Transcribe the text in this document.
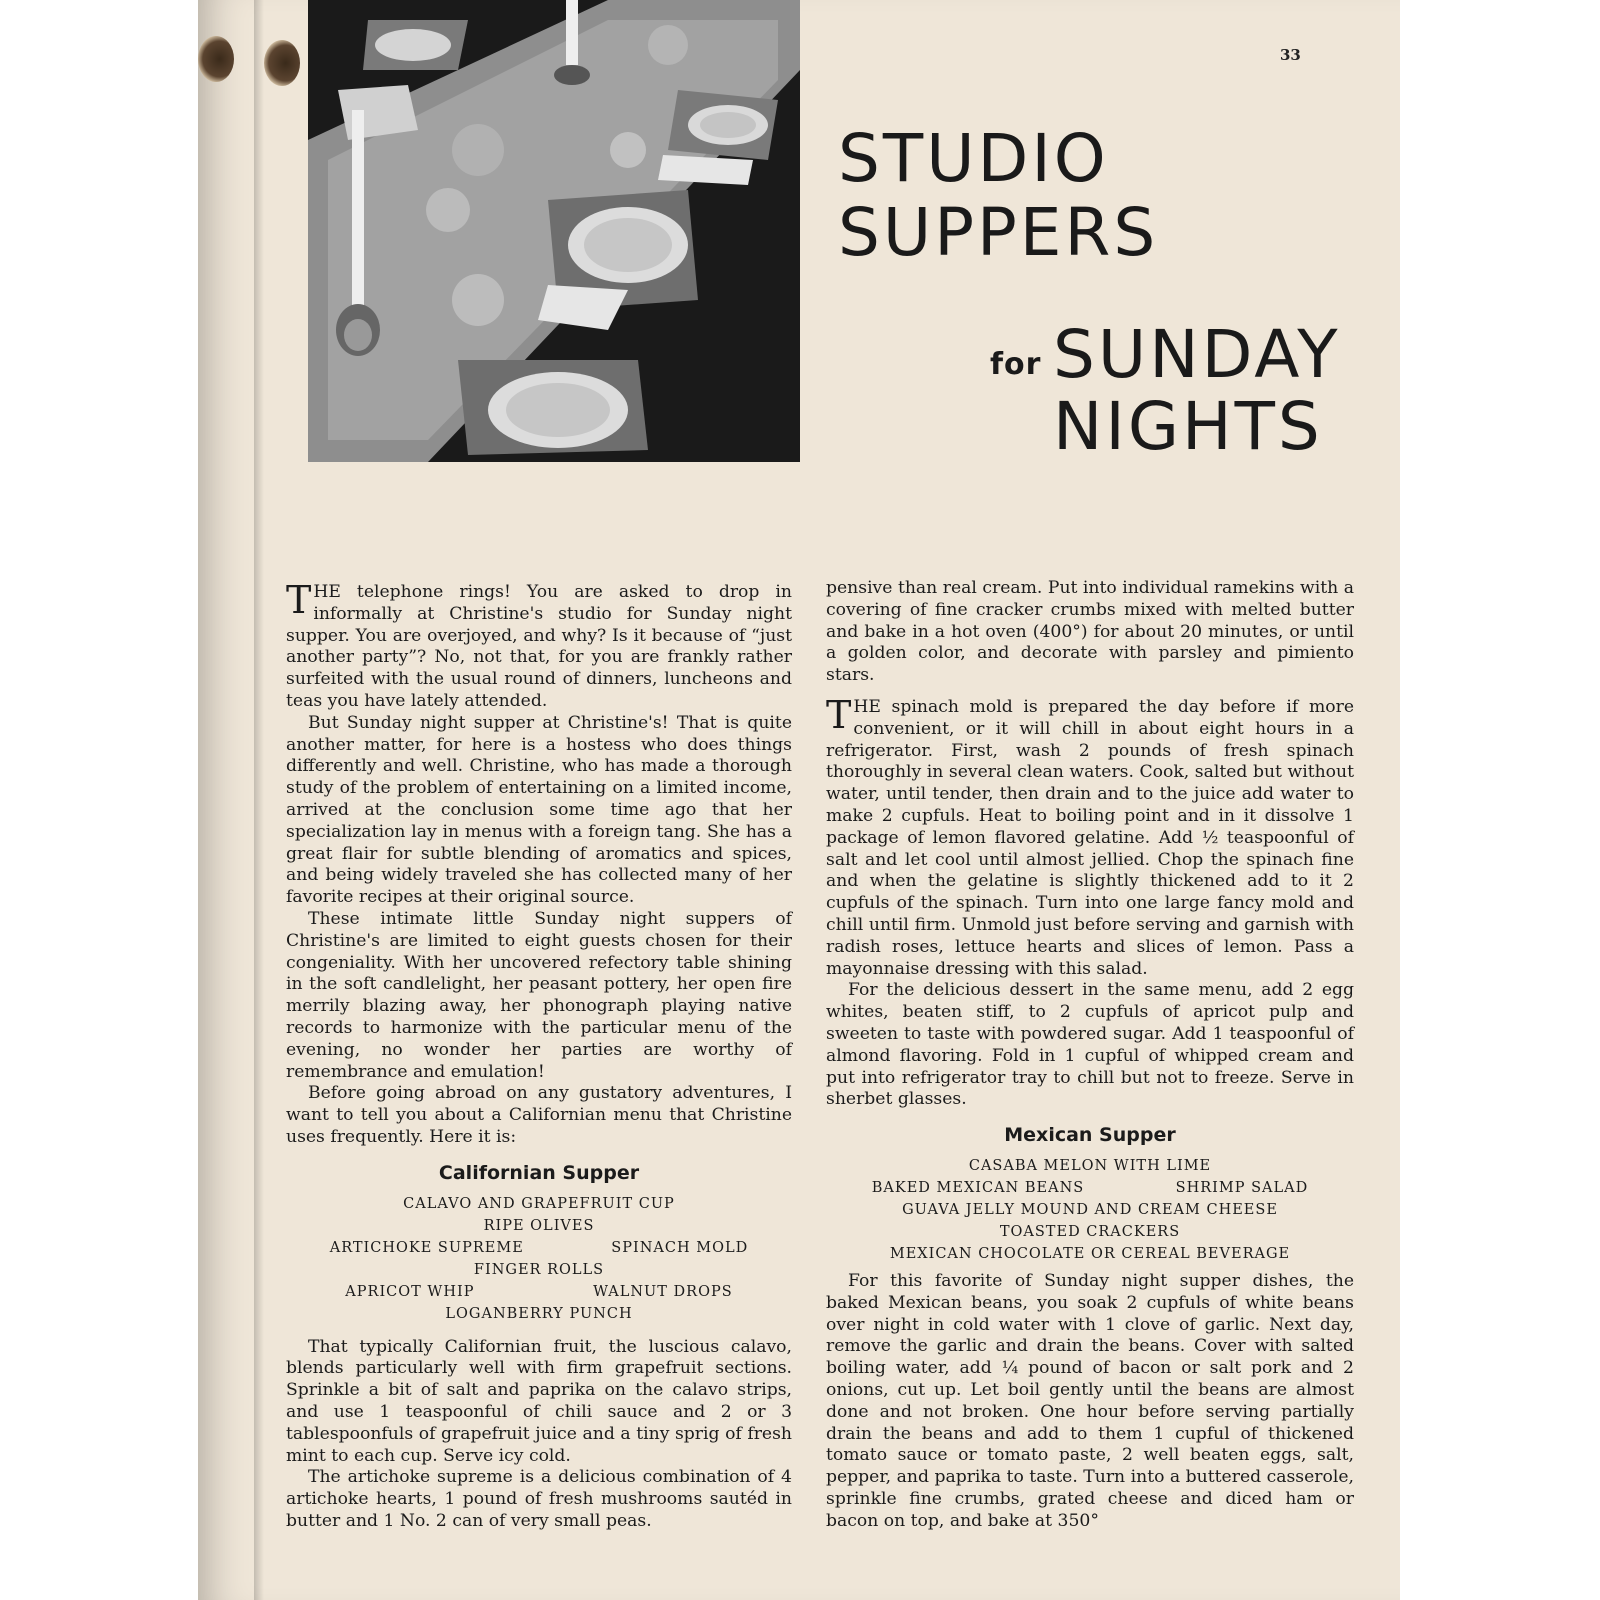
33
STUDIO
SUPPERS
for SUNDAY
NIGHTS

THE telephone rings! You are asked to drop in informally at Christine's studio for Sunday night supper. You are overjoyed, and why? Is it because of “just another party”? No, not that, for you are frankly rather surfeited with the usual round of dinners, luncheons and teas you have lately attended.

But Sunday night supper at Christine's! That is quite another matter, for here is a hostess who does things differently and well. Christine, who has made a thorough study of the problem of entertaining on a limited income, arrived at the conclusion some time ago that her specialization lay in menus with a foreign tang. She has a great flair for subtle blending of aromatics and spices, and being widely traveled she has collected many of her favorite recipes at their original source.

These intimate little Sunday night suppers of Christine's are limited to eight guests chosen for their congeniality. With her uncovered refectory table shining in the soft candlelight, her peasant pottery, her open fire merrily blazing away, her phonograph playing native records to harmonize with the particular menu of the evening, no wonder her parties are worthy of remembrance and emulation!

Before going abroad on any gustatory adventures, I want to tell you about a Californian menu that Christine uses frequently. Here it is:

Californian Supper
CALAVO AND GRAPEFRUIT CUP
RIPE OLIVES
ARTICHOKE SUPREME	SPINACH MOLD
FINGER ROLLS
APRICOT WHIP	WALNUT DROPS
LOGANBERRY PUNCH

That typically Californian fruit, the luscious calavo, blends particularly well with firm grapefruit sections. Sprinkle a bit of salt and paprika on the calavo strips, and use 1 teaspoonful of chili sauce and 2 or 3 tablespoonfuls of grapefruit juice and a tiny sprig of fresh mint to each cup. Serve icy cold.

The artichoke supreme is a delicious combination of 4 artichoke hearts, 1 pound of fresh mushrooms sautéd in butter and 1 No. 2 can of very small peas.

pensive than real cream. Put into individual ramekins with a covering of fine cracker crumbs mixed with melted butter and bake in a hot oven (400°) for about 20 minutes, or until a golden color, and decorate with parsley and pimiento stars.

THE spinach mold is prepared the day before if more convenient, or it will chill in about eight hours in a refrigerator. First, wash 2 pounds of fresh spinach thoroughly in several clean waters. Cook, salted but without water, until tender, then drain and to the juice add water to make 2 cupfuls. Heat to boiling point and in it dissolve 1 package of lemon flavored gelatine. Add ½ teaspoonful of salt and let cool until almost jellied. Chop the spinach fine and when the gelatine is slightly thickened add to it 2 cupfuls of the spinach. Turn into one large fancy mold and chill until firm. Unmold just before serving and garnish with radish roses, lettuce hearts and slices of lemon. Pass a mayonnaise dressing with this salad.

For the delicious dessert in the same menu, add 2 egg whites, beaten stiff, to 2 cupfuls of apricot pulp and sweeten to taste with powdered sugar. Add 1 teaspoonful of almond flavoring. Fold in 1 cupful of whipped cream and put into refrigerator tray to chill but not to freeze. Serve in sherbet glasses.

Mexican Supper
CASABA MELON WITH LIME
BAKED MEXICAN BEANS	SHRIMP SALAD
GUAVA JELLY MOUND AND CREAM CHEESE
TOASTED CRACKERS
MEXICAN CHOCOLATE OR CEREAL BEVERAGE

For this favorite of Sunday night supper dishes, the baked Mexican beans, you soak 2 cupfuls of white beans over night in cold water with 1 clove of garlic. Next day, remove the garlic and drain the beans. Cover with salted boiling water, add ¼ pound of bacon or salt pork and 2 onions, cut up. Let boil gently until the beans are almost done and not broken. One hour before serving partially drain the beans and add to them 1 cupful of thickened tomato sauce or tomato paste, 2 well beaten eggs, salt, pepper, and paprika to taste. Turn into a buttered casserole, sprinkle fine crumbs, grated cheese and diced ham or bacon on top, and bake at 350°
